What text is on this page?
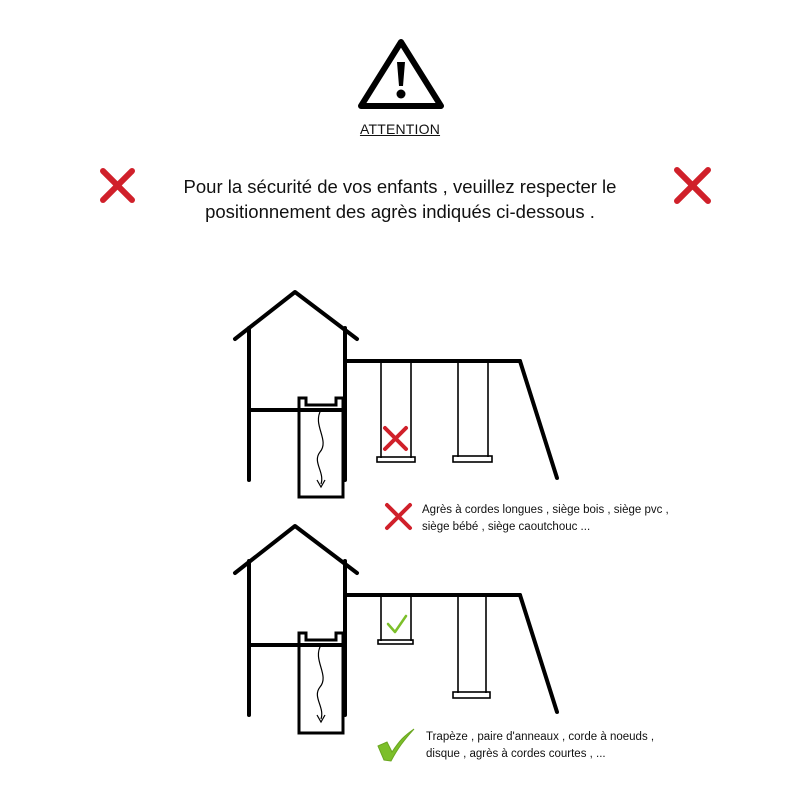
ATTENTION
Pour la sécurité de vos enfants , veuillez respecter le
positionnement des agrès indiqués ci-dessous .
Agrès à cordes longues , siège bois , siège pvc ,
siège bébé , siège caoutchouc ...
Trapèze , paire d'anneaux , corde à noeuds ,
disque , agrès à cordes courtes , ...
